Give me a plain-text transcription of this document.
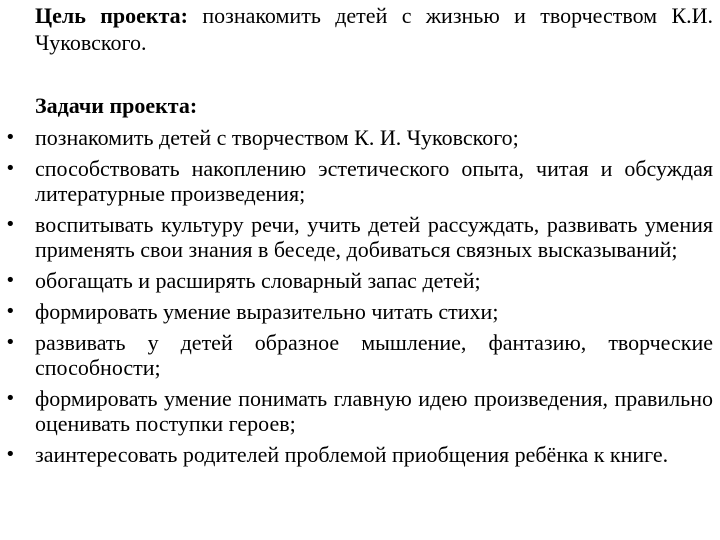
Цель проекта: познакомить детей с жизнью и творчеством К.И. Чуковского.

Задачи проекта:
• познакомить детей с творчеством К. И. Чуковского;
• способствовать накоплению эстетического опыта, читая и обсуждая литературные произведения;
• воспитывать культуру речи, учить детей рассуждать, развивать умения применять свои знания в беседе, добиваться связных высказываний;
• обогащать и расширять словарный запас детей;
• формировать умение выразительно читать стихи;
• развивать у детей образное мышление, фантазию, творческие способности;
• формировать умение понимать главную идею произведения, правильно оценивать поступки героев;
• заинтересовать родителей проблемой приобщения ребёнка к книге.
